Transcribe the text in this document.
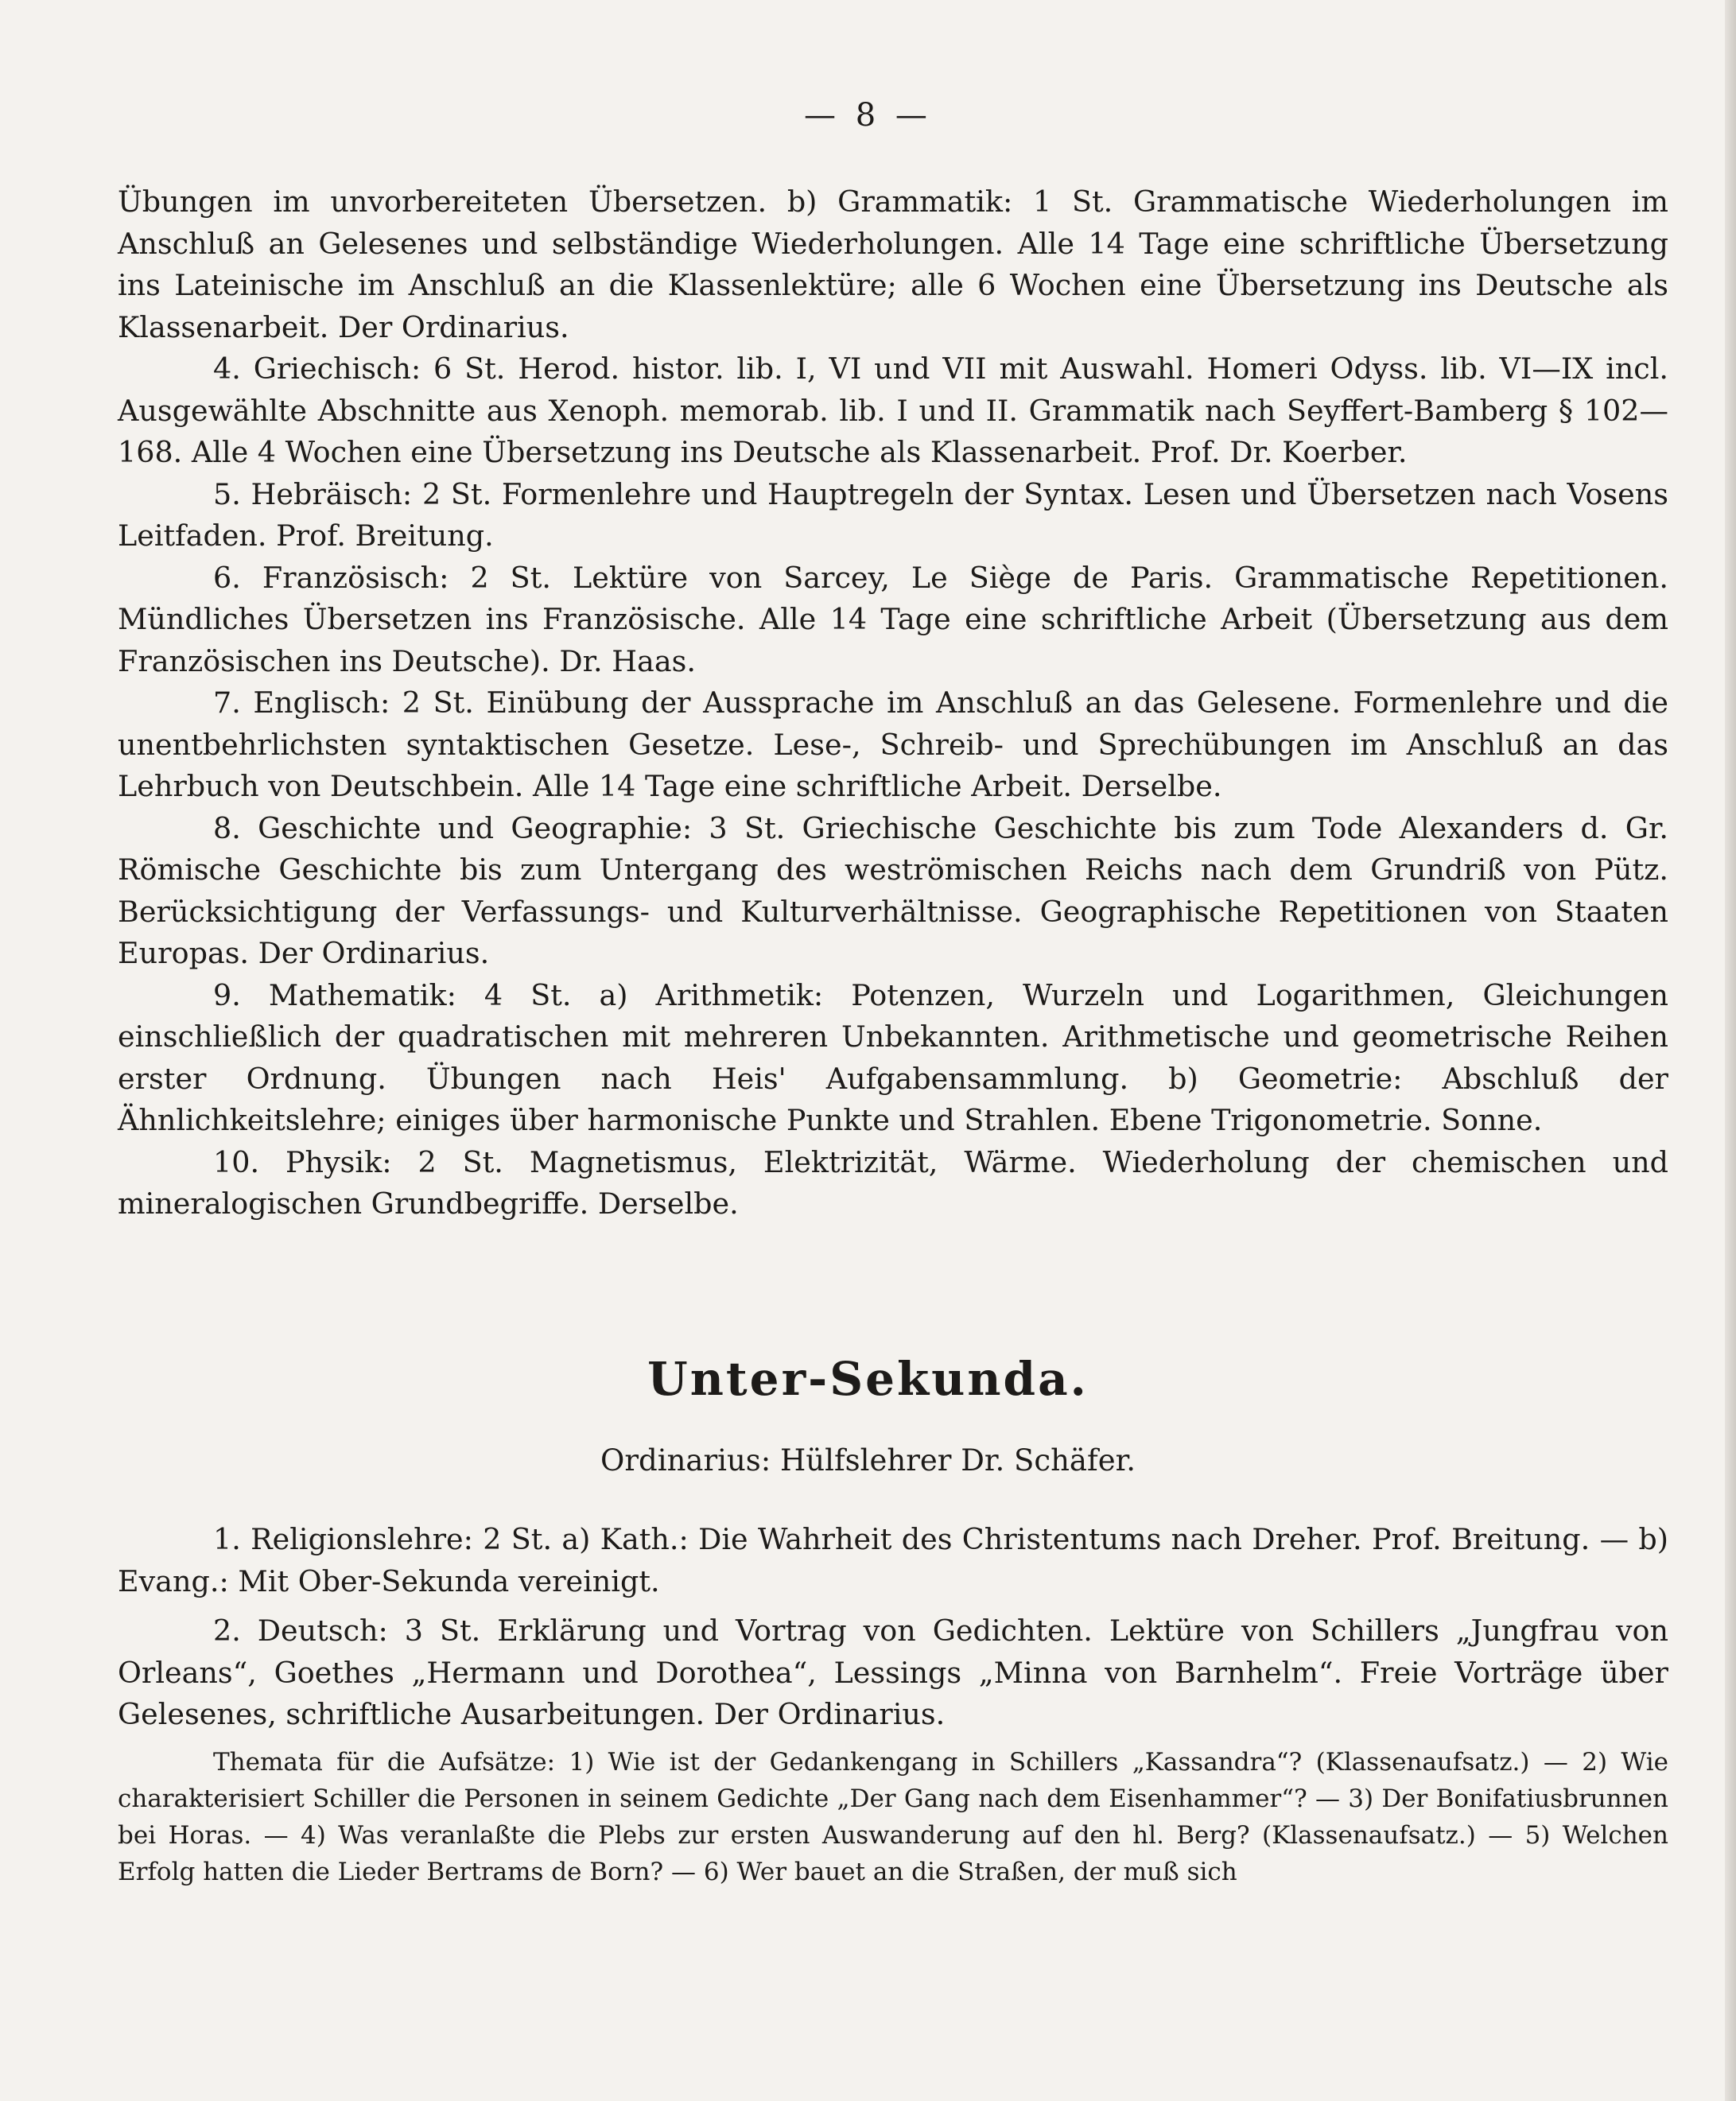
— 8 —

Übungen im unvorbereiteten Übersetzen. b) Grammatik: 1 St. Grammatische Wiederholungen im Anschluß an Gelesenes und selbständige Wiederholungen. Alle 14 Tage eine schriftliche Übersetzung ins Lateinische im Anschluß an die Klassenlektüre; alle 6 Wochen eine Übersetzung ins Deutsche als Klassenarbeit. Der Ordinarius.

4. Griechisch: 6 St. Herod. histor. lib. I, VI und VII mit Auswahl. Homeri Odyss. lib. VI—IX incl. Ausgewählte Abschnitte aus Xenoph. memorab. lib. I und II. Grammatik nach Seyffert-Bamberg § 102—168. Alle 4 Wochen eine Übersetzung ins Deutsche als Klassenarbeit. Prof. Dr. Koerber.

5. Hebräisch: 2 St. Formenlehre und Hauptregeln der Syntax. Lesen und Übersetzen nach Vosens Leitfaden. Prof. Breitung.

6. Französisch: 2 St. Lektüre von Sarcey, Le Siège de Paris. Grammatische Repetitionen. Mündliches Übersetzen ins Französische. Alle 14 Tage eine schriftliche Arbeit (Übersetzung aus dem Französischen ins Deutsche). Dr. Haas.

7. Englisch: 2 St. Einübung der Aussprache im Anschluß an das Gelesene. Formenlehre und die unentbehrlichsten syntaktischen Gesetze. Lese-, Schreib- und Sprechübungen im Anschluß an das Lehrbuch von Deutschbein. Alle 14 Tage eine schriftliche Arbeit. Derselbe.

8. Geschichte und Geographie: 3 St. Griechische Geschichte bis zum Tode Alexanders d. Gr. Römische Geschichte bis zum Untergang des weströmischen Reichs nach dem Grundriß von Pütz. Berücksichtigung der Verfassungs- und Kulturverhältnisse. Geographische Repetitionen von Staaten Europas. Der Ordinarius.

9. Mathematik: 4 St. a) Arithmetik: Potenzen, Wurzeln und Logarithmen, Gleichungen einschließlich der quadratischen mit mehreren Unbekannten. Arithmetische und geometrische Reihen erster Ordnung. Übungen nach Heis' Aufgabensammlung. b) Geometrie: Abschluß der Ähnlichkeitslehre; einiges über harmonische Punkte und Strahlen. Ebene Trigonometrie. Sonne.

10. Physik: 2 St. Magnetismus, Elektrizität, Wärme. Wiederholung der chemischen und mineralogischen Grundbegriffe. Derselbe.

Unter-Sekunda.
Ordinarius: Hülfslehrer Dr. Schäfer.

1. Religionslehre: 2 St. a) Kath.: Die Wahrheit des Christentums nach Dreher. Prof. Breitung. — b) Evang.: Mit Ober-Sekunda vereinigt.

2. Deutsch: 3 St. Erklärung und Vortrag von Gedichten. Lektüre von Schillers „Jungfrau von Orleans“, Goethes „Hermann und Dorothea“, Lessings „Minna von Barnhelm“. Freie Vorträge über Gelesenes, schriftliche Ausarbeitungen. Der Ordinarius.

Themata für die Aufsätze: 1) Wie ist der Gedankengang in Schillers „Kassandra“? (Klassenaufsatz.) — 2) Wie charakterisiert Schiller die Personen in seinem Gedichte „Der Gang nach dem Eisenhammer“? — 3) Der Bonifatiusbrunnen bei Horas. — 4) Was veranlaßte die Plebs zur ersten Auswanderung auf den hl. Berg? (Klassenaufsatz.) — 5) Welchen Erfolg hatten die Lieder Bertrams de Born? — 6) Wer bauet an die Straßen, der muß sich
